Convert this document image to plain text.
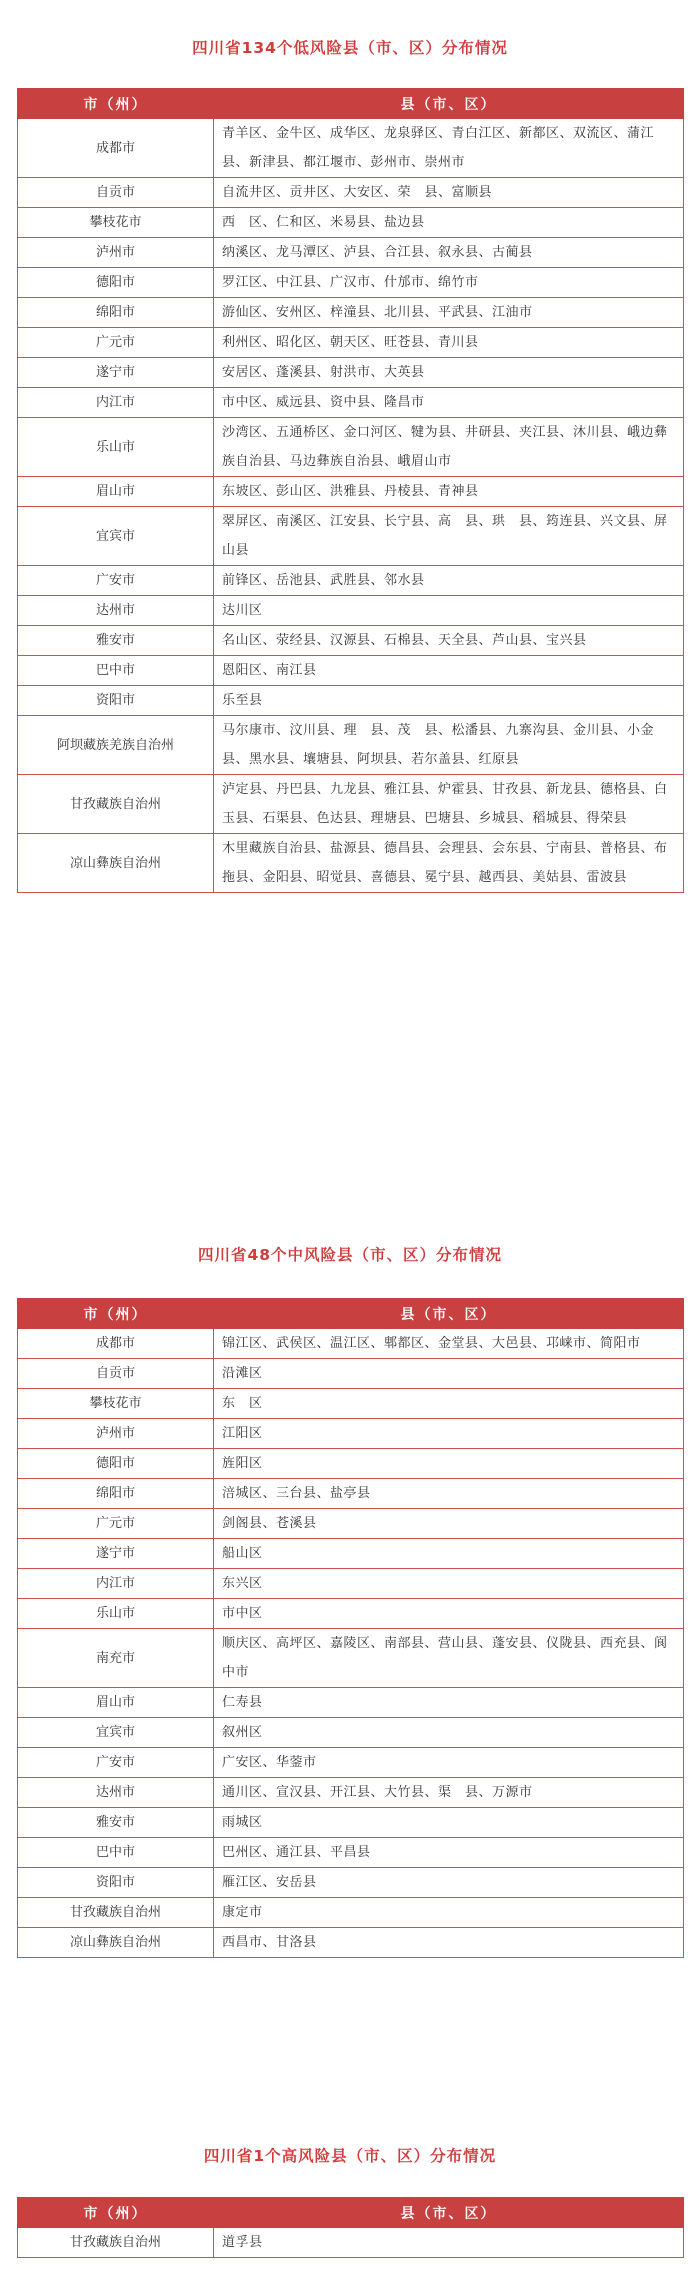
四川省134个低风险县（市、区）分布情况
市（州）	县（市、区）
成都市	青羊区、金牛区、成华区、龙泉驿区、青白江区、新都区、双流区、蒲江县、新津县、都江堰市、彭州市、崇州市
自贡市	自流井区、贡井区、大安区、荣　县、富顺县
攀枝花市	西　区、仁和区、米易县、盐边县
泸州市	纳溪区、龙马潭区、泸县、合江县、叙永县、古蔺县
德阳市	罗江区、中江县、广汉市、什邡市、绵竹市
绵阳市	游仙区、安州区、梓潼县、北川县、平武县、江油市
广元市	利州区、昭化区、朝天区、旺苍县、青川县
遂宁市	安居区、蓬溪县、射洪市、大英县
内江市	市中区、威远县、资中县、隆昌市
乐山市	沙湾区、五通桥区、金口河区、犍为县、井研县、夹江县、沐川县、峨边彝族自治县、马边彝族自治县、峨眉山市
眉山市	东坡区、彭山区、洪雅县、丹棱县、青神县
宜宾市	翠屏区、南溪区、江安县、长宁县、高　县、珙　县、筠连县、兴文县、屏山县
广安市	前锋区、岳池县、武胜县、邻水县
达州市	达川区
雅安市	名山区、荥经县、汉源县、石棉县、天全县、芦山县、宝兴县
巴中市	恩阳区、南江县
资阳市	乐至县
阿坝藏族羌族自治州	马尔康市、汶川县、理　县、茂　县、松潘县、九寨沟县、金川县、小金县、黑水县、壤塘县、阿坝县、若尔盖县、红原县
甘孜藏族自治州	泸定县、丹巴县、九龙县、雅江县、炉霍县、甘孜县、新龙县、德格县、白玉县、石渠县、色达县、理塘县、巴塘县、乡城县、稻城县、得荣县
凉山彝族自治州	木里藏族自治县、盐源县、德昌县、会理县、会东县、宁南县、普格县、布拖县、金阳县、昭觉县、喜德县、冕宁县、越西县、美姑县、雷波县
四川省48个中风险县（市、区）分布情况
市（州）	县（市、区）
成都市	锦江区、武侯区、温江区、郫都区、金堂县、大邑县、邛崃市、简阳市
自贡市	沿滩区
攀枝花市	东　区
泸州市	江阳区
德阳市	旌阳区
绵阳市	涪城区、三台县、盐亭县
广元市	剑阁县、苍溪县
遂宁市	船山区
内江市	东兴区
乐山市	市中区
南充市	顺庆区、高坪区、嘉陵区、南部县、营山县、蓬安县、仪陇县、西充县、阆中市
眉山市	仁寿县
宜宾市	叙州区
广安市	广安区、华蓥市
达州市	通川区、宣汉县、开江县、大竹县、渠　县、万源市
雅安市	雨城区
巴中市	巴州区、通江县、平昌县
资阳市	雁江区、安岳县
甘孜藏族自治州	康定市
凉山彝族自治州	西昌市、甘洛县
四川省1个高风险县（市、区）分布情况
市（州）	县（市、区）
甘孜藏族自治州	道孚县
